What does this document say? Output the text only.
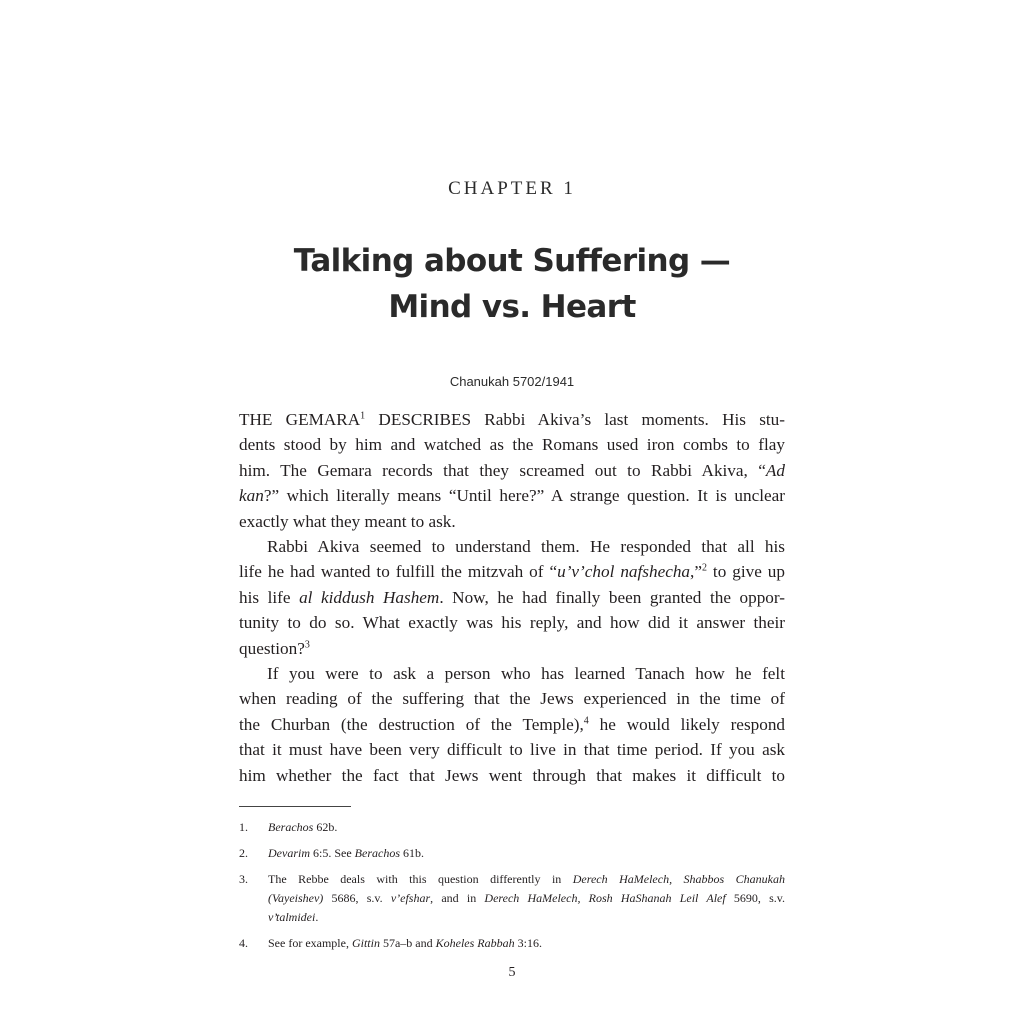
CHAPTER 1
Talking about Suffering —
Mind vs. Heart
Chanukah 5702/1941
THE GEMARA$^1$ DESCRIBES Rabbi Akiva’s last moments. His stu-
dents stood by him and watched as the Romans used iron combs to flay
him. The Gemara records that they screamed out to Rabbi Akiva, “Ad
kan?” which literally means “Until here?” A strange question. It is unclear
exactly what they meant to ask.
Rabbi Akiva seemed to understand them. He responded that all his
life he had wanted to fulfill the mitzvah of “u’v’chol nafshecha,”$^2$ to give up
his life al kiddush Hashem. Now, he had finally been granted the oppor-
tunity to do so. What exactly was his reply, and how did it answer their
question?$^3$
If you were to ask a person who has learned Tanach how he felt
when reading of the suffering that the Jews experienced in the time of
the Churban (the destruction of the Temple),$^4$ he would likely respond
that it must have been very difficult to live in that time period. If you ask
him whether the fact that Jews went through that makes it difficult to
1. Berachos 62b.
2. Devarim 6:5. See Berachos 61b.
3. The Rebbe deals with this question differently in Derech HaMelech, Shabbos Chanukah
(Vayeishev) 5686, s.v. v’efshar, and in Derech HaMelech, Rosh HaShanah Leil Alef 5690, s.v.
v’talmidei.
4. See for example, Gittin 57a–b and Koheles Rabbah 3:16.
5
